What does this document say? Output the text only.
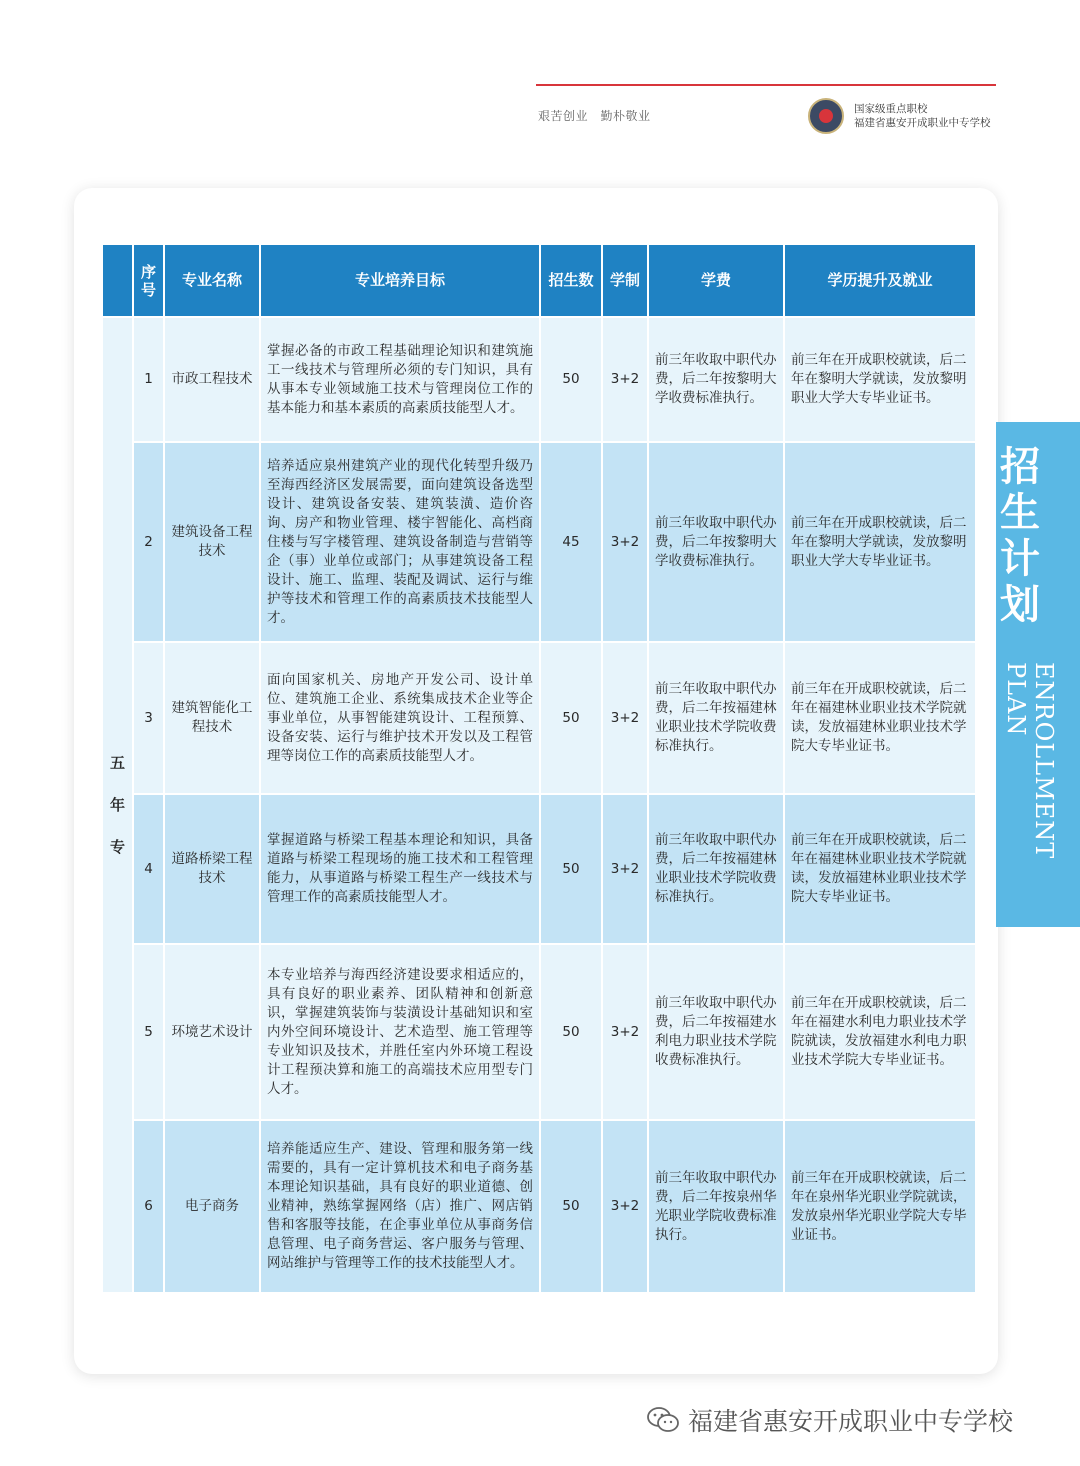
艰苦创业　勤朴敬业	国家级重点职校
福建省惠安开成职业中专学校
招生计划
ENROLLMENT PLAN
	序号	专业名称	专业培养目标	招生数	学制	学费	学历提升及就业
五年专	1	市政工程技术	掌握必备的市政工程基础理论知识和建筑施工一线技术与管理所必须的专门知识，具有从事本专业领域施工技术与管理岗位工作的基本能力和基本素质的高素质技能型人才。	50	3+2	前三年收取中职代办费，后二年按黎明大学收费标准执行。	前三年在开成职校就读，后二年在黎明大学就读，发放黎明职业大学大专毕业证书。
	2	建筑设备工程技术	培养适应泉州建筑产业的现代化转型升级乃至海西经济区发展需要，面向建筑设备选型设计、建筑设备安装、建筑装潢、造价咨询、房产和物业管理、楼宇智能化、高档商住楼与写字楼管理、建筑设备制造与营销等企（事）业单位或部门；从事建筑设备工程设计、施工、监理、装配及调试、运行与维护等技术和管理工作的高素质技术技能型人才。	45	3+2	前三年收取中职代办费，后二年按黎明大学收费标准执行。	前三年在开成职校就读，后二年在黎明大学就读，发放黎明职业大学大专毕业证书。
	3	建筑智能化工程技术	面向国家机关、房地产开发公司、设计单位、建筑施工企业、系统集成技术企业等企事业单位，从事智能建筑设计、工程预算、设备安装、运行与维护技术开发以及工程管理等岗位工作的高素质技能型人才。	50	3+2	前三年收取中职代办费，后二年按福建林业职业技术学院收费标准执行。	前三年在开成职校就读，后二年在福建林业职业技术学院就读，发放福建林业职业技术学院大专毕业证书。
	4	道路桥梁工程技术	掌握道路与桥梁工程基本理论和知识，具备道路与桥梁工程现场的施工技术和工程管理能力，从事道路与桥梁工程生产一线技术与管理工作的高素质技能型人才。	50	3+2	前三年收取中职代办费，后二年按福建林业职业技术学院收费标准执行。	前三年在开成职校就读，后二年在福建林业职业技术学院就读，发放福建林业职业技术学院大专毕业证书。
	5	环境艺术设计	本专业培养与海西经济建设要求相适应的，具有良好的职业素养、团队精神和创新意识，掌握建筑装饰与装潢设计基础知识和室内外空间环境设计、艺术造型、施工管理等专业知识及技术，并胜任室内外环境工程设计工程预决算和施工的高端技术应用型专门人才。	50	3+2	前三年收取中职代办费，后二年按福建水利电力职业技术学院收费标准执行。	前三年在开成职校就读，后二年在福建水利电力职业技术学院就读，发放福建水利电力职业技术学院大专毕业证书。
	6	电子商务	培养能适应生产、建设、管理和服务第一线需要的，具有一定计算机技术和电子商务基本理论知识基础，具有良好的职业道德、创业精神，熟练掌握网络（店）推广、网店销售和客服等技能，在企事业单位从事商务信息管理、电子商务营运、客户服务与管理、网站维护与管理等工作的技术技能型人才。	50	3+2	前三年收取中职代办费，后二年按泉州华光职业学院收费标准执行。	前三年在开成职校就读，后二年在泉州华光职业学院就读，发放泉州华光职业学院大专毕业证书。
福建省惠安开成职业中专学校
